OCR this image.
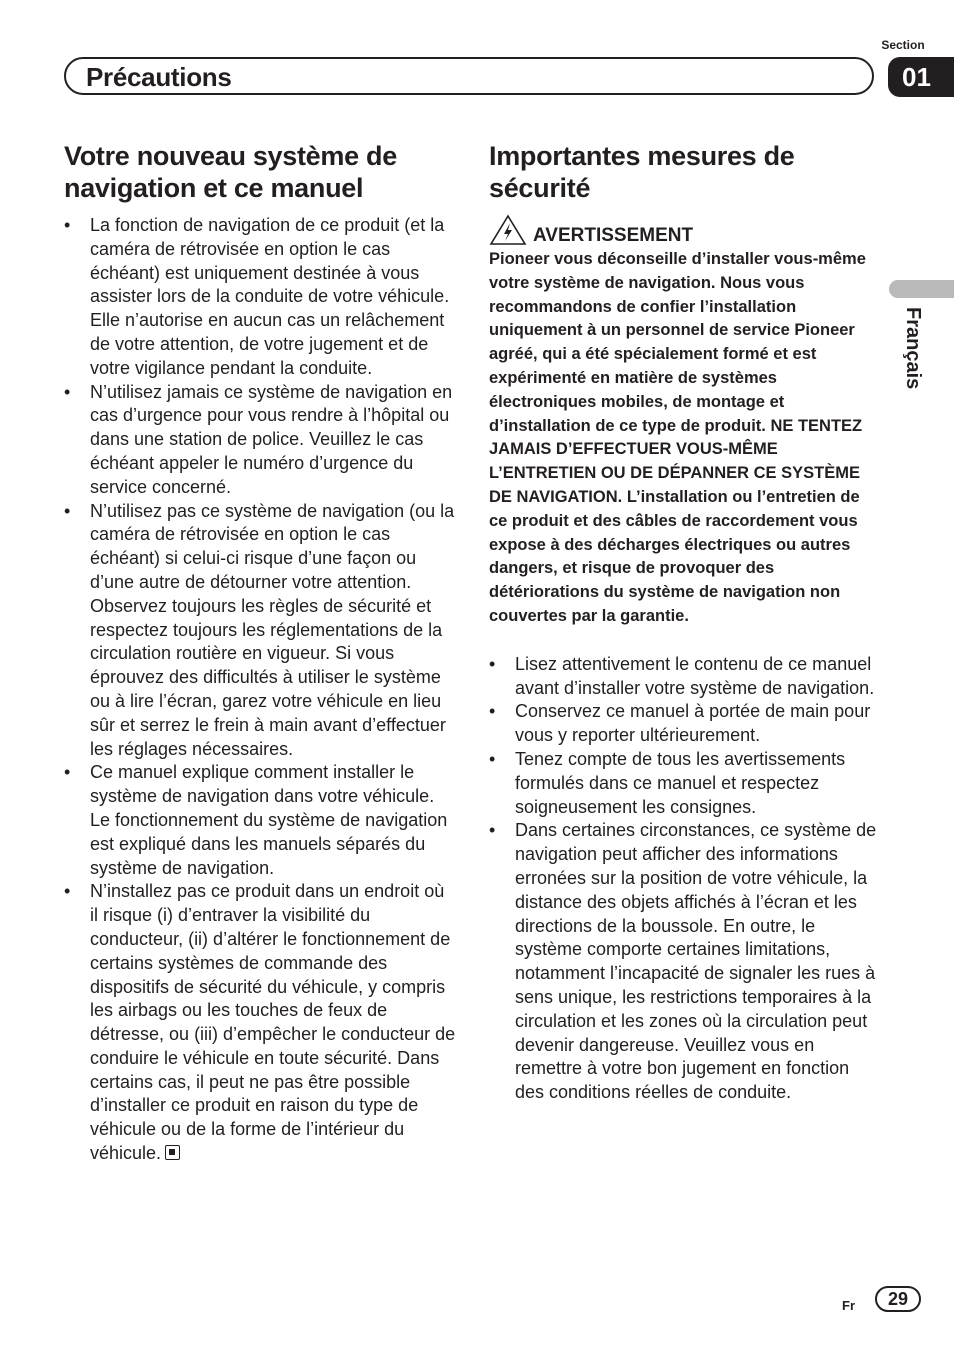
Section
Précautions	01
Français
Votre nouveau système de
navigation et ce manuel
• La fonction de navigation de ce produit (et la caméra de rétrovisée en option le cas échéant) est uniquement destinée à vous assister lors de la conduite de votre véhicule. Elle n’autorise en aucun cas un relâchement de votre attention, de votre jugement et de votre vigilance pendant la conduite.
• N’utilisez jamais ce système de navigation en cas d’urgence pour vous rendre à l’hôpital ou dans une station de police. Veuillez le cas échéant appeler le numéro d’urgence du service concerné.
• N’utilisez pas ce système de navigation (ou la caméra de rétrovisée en option le cas échéant) si celui-ci risque d’une façon ou d’une autre de détourner votre attention. Observez toujours les règles de sécurité et respectez toujours les réglementations de la circulation routière en vigueur. Si vous éprouvez des difficultés à utiliser le système ou à lire l’écran, garez votre véhicule en lieu sûr et serrez le frein à main avant d’effectuer les réglages nécessaires.
• Ce manuel explique comment installer le système de navigation dans votre véhicule. Le fonctionnement du système de navigation est expliqué dans les manuels séparés du système de navigation.
• N’installez pas ce produit dans un endroit où il risque (i) d’entraver la visibilité du conducteur, (ii) d’altérer le fonctionnement de certains systèmes de commande des dispositifs de sécurité du véhicule, y compris les airbags ou les touches de feux de détresse, ou (iii) d’empêcher le conducteur de conduire le véhicule en toute sécurité. Dans certains cas, il peut ne pas être possible d’installer ce produit en raison du type de véhicule ou de la forme de l’intérieur du véhicule.
Importantes mesures de
sécurité
AVERTISSEMENT

Pioneer vous déconseille d’installer vous-même votre système de navigation. Nous vous recommandons de confier l’installation uniquement à un personnel de service Pioneer agréé, qui a été spécialement formé et est expérimenté en matière de systèmes électroniques mobiles, de montage et d’installation de ce type de produit. NE TENTEZ JAMAIS D’EFFECTUER VOUS-MÊME L’ENTRETIEN OU DE DÉPANNER CE SYSTÈME DE NAVIGATION. L’installation ou l’entretien de ce produit et des câbles de raccordement vous expose à des décharges électriques ou autres dangers, et risque de provoquer des détériorations du système de navigation non couvertes par la garantie.

• Lisez attentivement le contenu de ce manuel avant d’installer votre système de navigation.
• Conservez ce manuel à portée de main pour vous y reporter ultérieurement.
• Tenez compte de tous les avertissements formulés dans ce manuel et respectez soigneusement les consignes.
• Dans certaines circonstances, ce système de navigation peut afficher des informations erronées sur la position de votre véhicule, la distance des objets affichés à l’écran et les directions de la boussole. En outre, le système comporte certaines limitations, notamment l’incapacité de signaler les rues à sens unique, les restrictions temporaires à la circulation et les zones où la circulation peut devenir dangereuse. Veuillez vous en remettre à votre bon jugement en fonction des conditions réelles de conduite.
Fr	29
